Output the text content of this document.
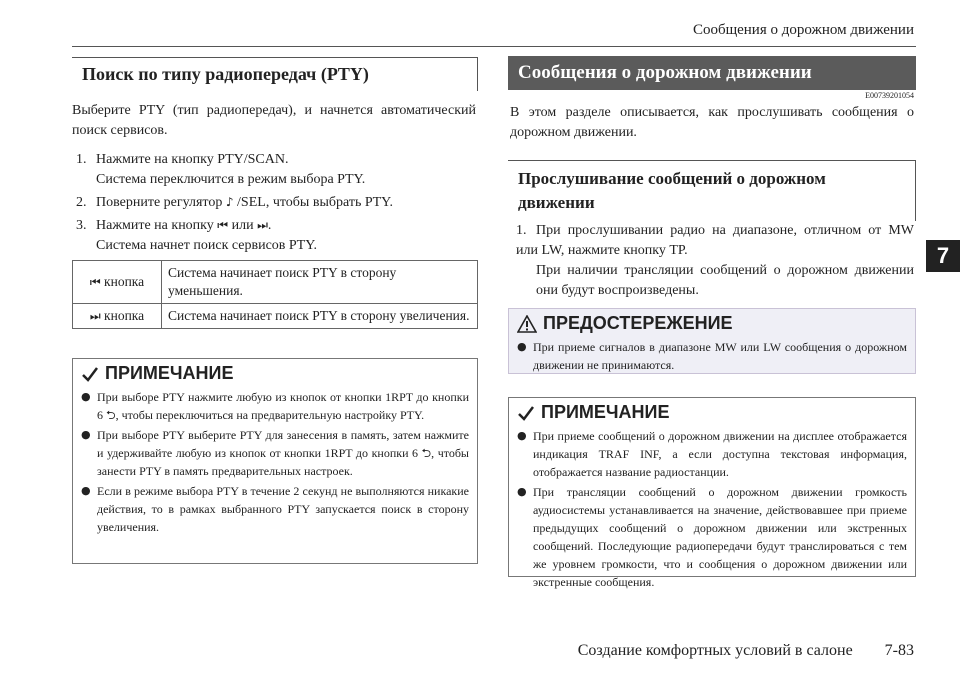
Сообщения о дорожном движении
7
Поиск по типу радиопередач (PTY)
Выберите PTY (тип радиопередач), и начнется автоматический поиск сервисов.
1. Нажмите на кнопку PTY/SCAN.
Система переключится в режим выбора PTY.
2. Поверните регулятор ♪ /SEL, чтобы выбрать PTY.
3. Нажмите на кнопку ⏮ или ⏭.
Система начнет поиск сервисов PTY.
⏮ кнопка	Система начинает поиск PTY в сторону уменьшения.
⏭ кнопка	Система начинает поиск PTY в сторону увеличения.
ПРИМЕЧАНИЕ
● При выборе PTY нажмите любую из кнопок от кнопки 1RPT до кнопки 6 ⮌, чтобы переключиться на предварительную настройку PTY.
● При выборе PTY выберите PTY для занесения в память, затем нажмите и удерживайте любую из кнопок от кнопки 1RPT до кнопки 6 ⮌, чтобы занести PTY в память предварительных настроек.
● Если в режиме выбора PTY в течение 2 секунд не выполняются никакие действия, то в рамках выбранного PTY запускается поиск в сторону увеличения.
Сообщения о дорожном движении
E00739201054
В этом разделе описывается, как прослушивать сообщения о дорожном движении.
Прослушивание сообщений о дорожном движении
1. При прослушивании радио на диапазоне, отличном от MW или LW, нажмите кнопку TP.
При наличии трансляции сообщений о дорожном движении они будут воспроизведены.
ПРЕДОСТЕРЕЖЕНИЕ
● При приеме сигналов в диапазоне MW или LW сообщения о дорожном движении не принимаются.
ПРИМЕЧАНИЕ
● При приеме сообщений о дорожном движении на дисплее отображается индикация TRAF INF, а если доступна текстовая информация, отображается название радиостанции.
● При трансляции сообщений о дорожном движении громкость аудиосистемы устанавливается на значение, действовавшее при приеме предыдущих сообщений о дорожном движении или экстренных сообщений. Последующие радиопередачи будут транслироваться с тем же уровнем громкости, что и сообщения о дорожном движении или экстренные сообщения.
Создание комфортных условий в салоне 7-83
